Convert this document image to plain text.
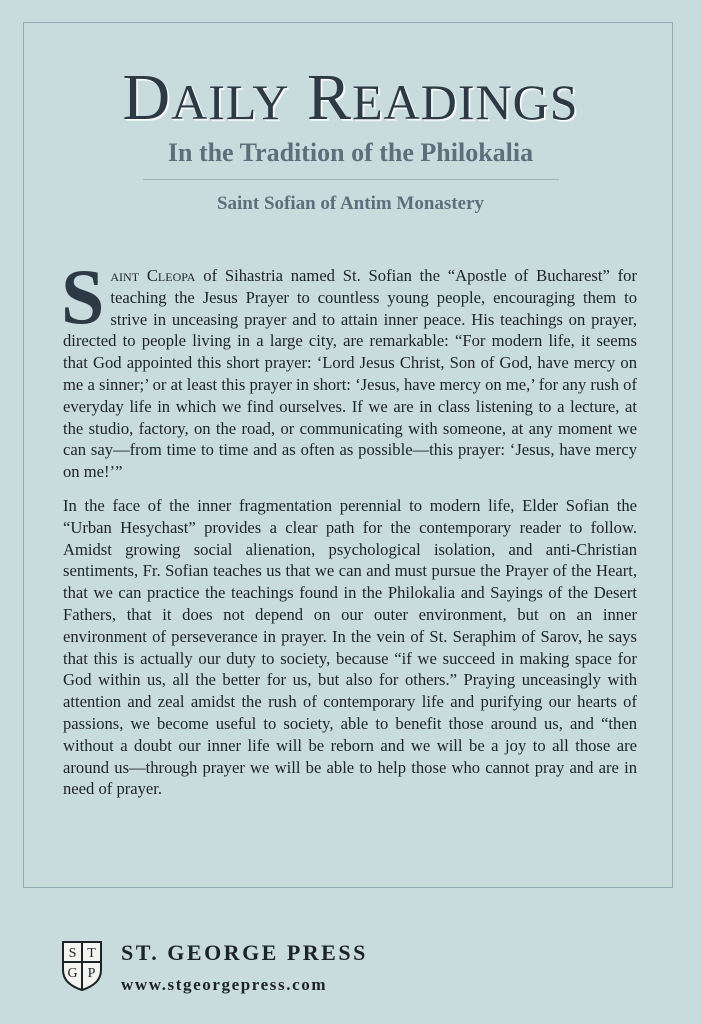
DAILY READINGS
In the Tradition of the Philokalia
Saint Sofian of Antim Monastery

Saint Cleopa of Sihastria named St. Sofian the “Apostle of Bucharest” for teaching the Jesus Prayer to countless young people, encouraging them to strive in unceasing prayer and to attain inner peace. His teachings on prayer, directed to people living in a large city, are remarkable: “For modern life, it seems that God appointed this short prayer: ‘Lord Jesus Christ, Son of God, have mercy on me a sinner;’ or at least this prayer in short: ‘Jesus, have mercy on me,’ for any rush of everyday life in which we find ourselves. If we are in class listening to a lecture, at the studio, factory, on the road, or communicating with someone, at any moment we can say—from time to time and as often as possible—this prayer: ‘Jesus, have mercy on me!’”

In the face of the inner fragmentation perennial to modern life, Elder Sofian the “Urban Hesychast” provides a clear path for the contemporary reader to follow. Amidst growing social alienation, psychological isolation, and anti-Christian sentiments, Fr. Sofian teaches us that we can and must pursue the Prayer of the Heart, that we can practice the teachings found in the Philokalia and Sayings of the Desert Fathers, that it does not depend on our outer environment, but on an inner environment of perseverance in prayer. In the vein of St. Seraphim of Sarov, he says that this is actually our duty to society, because “if we succeed in making space for God within us, all the better for us, but also for others.” Praying unceasingly with attention and zeal amidst the rush of contemporary life and purifying our hearts of passions, we become useful to society, able to benefit those around us, and “then without a doubt our inner life will be reborn and we will be a joy to all those are around us—through prayer we will be able to help those who cannot pray and are in need of prayer.

S T
G P
ST. GEORGE PRESS
www.stgeorgepress.com
